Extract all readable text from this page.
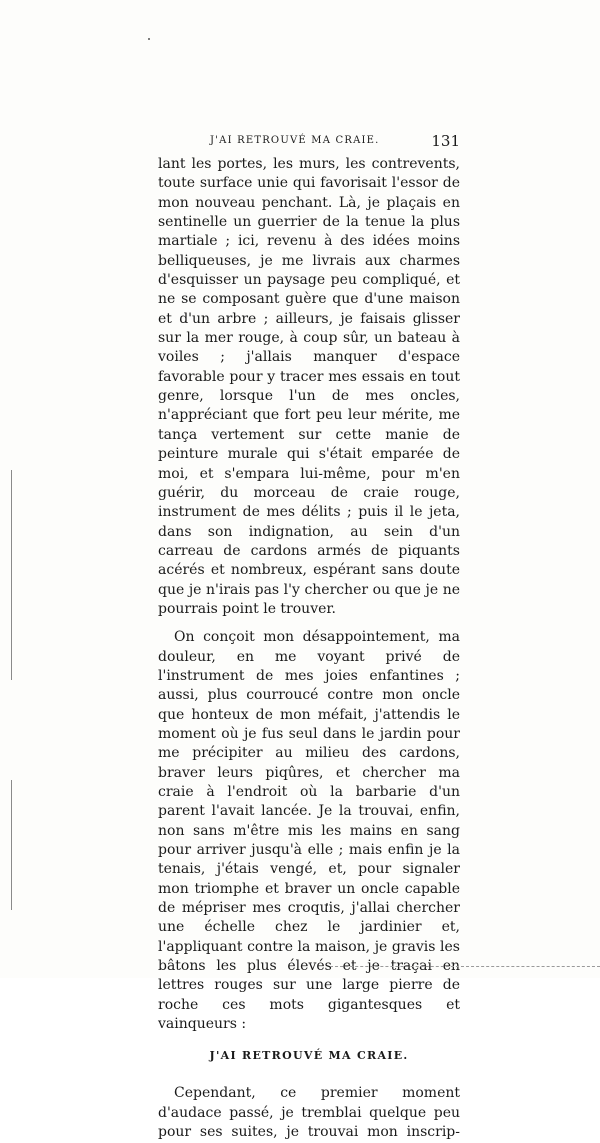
J'AI RETROUVÉ MA CRAIE.	131

lant les portes, les murs, les contrevents, toute surface unie qui favorisait l'essor de mon nouveau penchant. Là, je plaçais en sentinelle un guerrier de la tenue la plus martiale ; ici, revenu à des idées moins belliqueuses, je me livrais aux charmes d'esquisser un paysage peu compliqué, et ne se composant guère que d'une maison et d'un arbre ; ailleurs, je faisais glisser sur la mer rouge, à coup sûr, un bateau à voiles ; j'allais manquer d'espace favorable pour y tracer mes essais en tout genre, lorsque l'un de mes oncles, n'appréciant que fort peu leur mérite, me tança vertement sur cette manie de peinture murale qui s'était emparée de moi, et s'empara lui-même, pour m'en guérir, du morceau de craie rouge, instrument de mes délits ; puis il le jeta, dans son indignation, au sein d'un carreau de cardons armés de piquants acérés et nombreux, espérant sans doute que je n'irais pas l'y chercher ou que je ne pourrais point le trouver.

On conçoit mon désappointement, ma douleur, en me voyant privé de l'instrument de mes joies enfantines ; aussi, plus courroucé contre mon oncle que honteux de mon méfait, j'attendis le moment où je fus seul dans le jardin pour me précipiter au milieu des cardons, braver leurs piqûres, et chercher ma craie à l'endroit où la barbarie d'un parent l'avait lancée. Je la trouvai, enfin, non sans m'être mis les mains en sang pour arriver jusqu'à elle ; mais enfin je la tenais, j'étais vengé, et, pour signaler mon triomphe et braver un oncle capable de mépriser mes croquis, j'allai chercher une échelle chez le jardinier et, l'appliquant contre la maison, je gravis les bâtons les plus élevés et je traçai en lettres rouges sur une large pierre de roche ces mots gigantesques et vainqueurs :

J'AI RETROUVÉ MA CRAIE.

Cependant, ce premier moment d'audace passé, je tremblai quelque peu pour ses suites, je trouvai mon inscrip-
